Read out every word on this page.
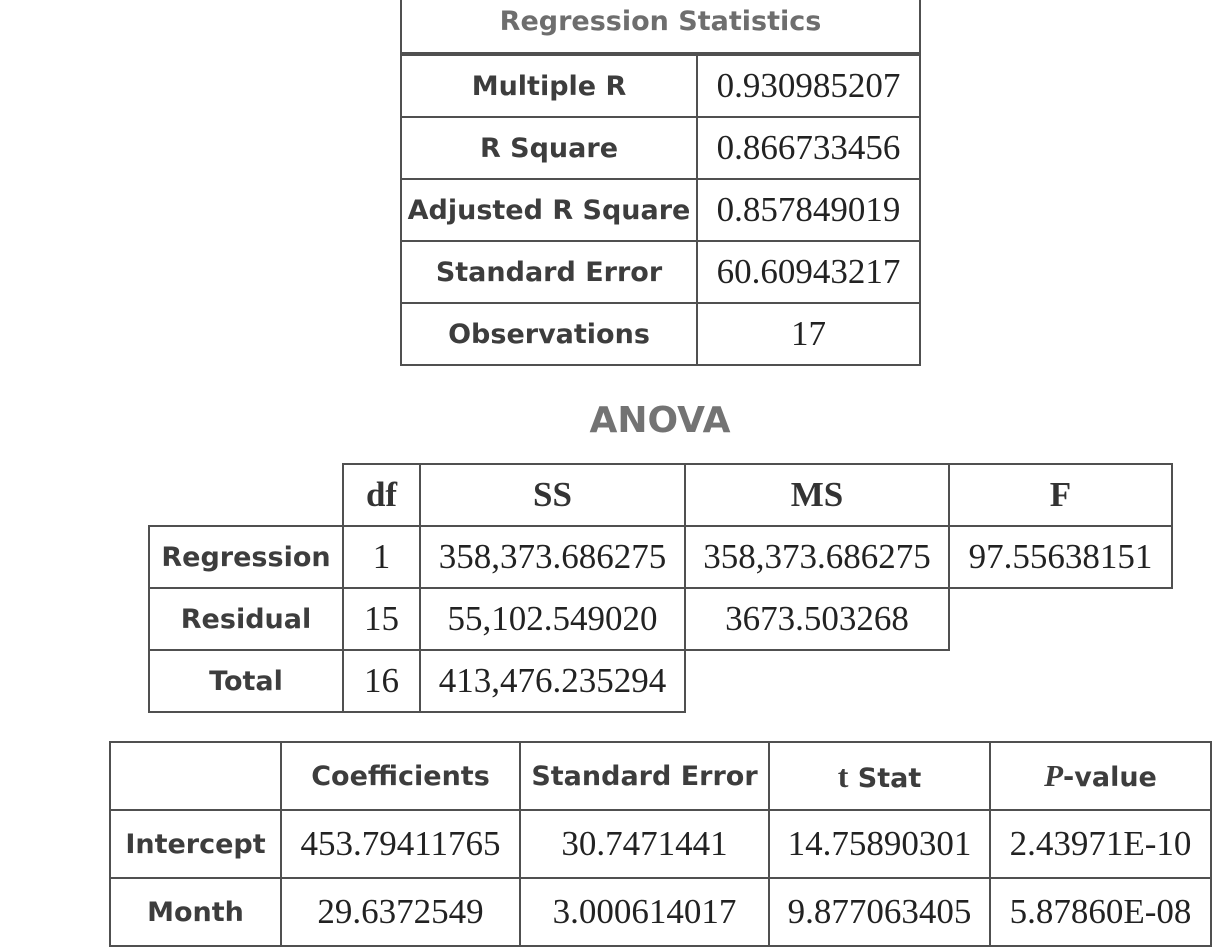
Regression Statistics	
Multiple R	0.930985207
R Square	0.866733456
Adjusted R Square	0.857849019
Standard Error	60.60943217
Observations	17
ANOVA
	df	SS	MS	F
Regression	1	358,373.686275	358,373.686275	97.55638151
Residual	15	55,102.549020	3673.503268	
Total	16	413,476.235294		
	Coefficients	Standard Error	t Stat	P-value
Intercept	453.79411765	30.7471441	14.75890301	2.43971E-10
Month	29.6372549	3.000614017	9.877063405	5.87860E-08
